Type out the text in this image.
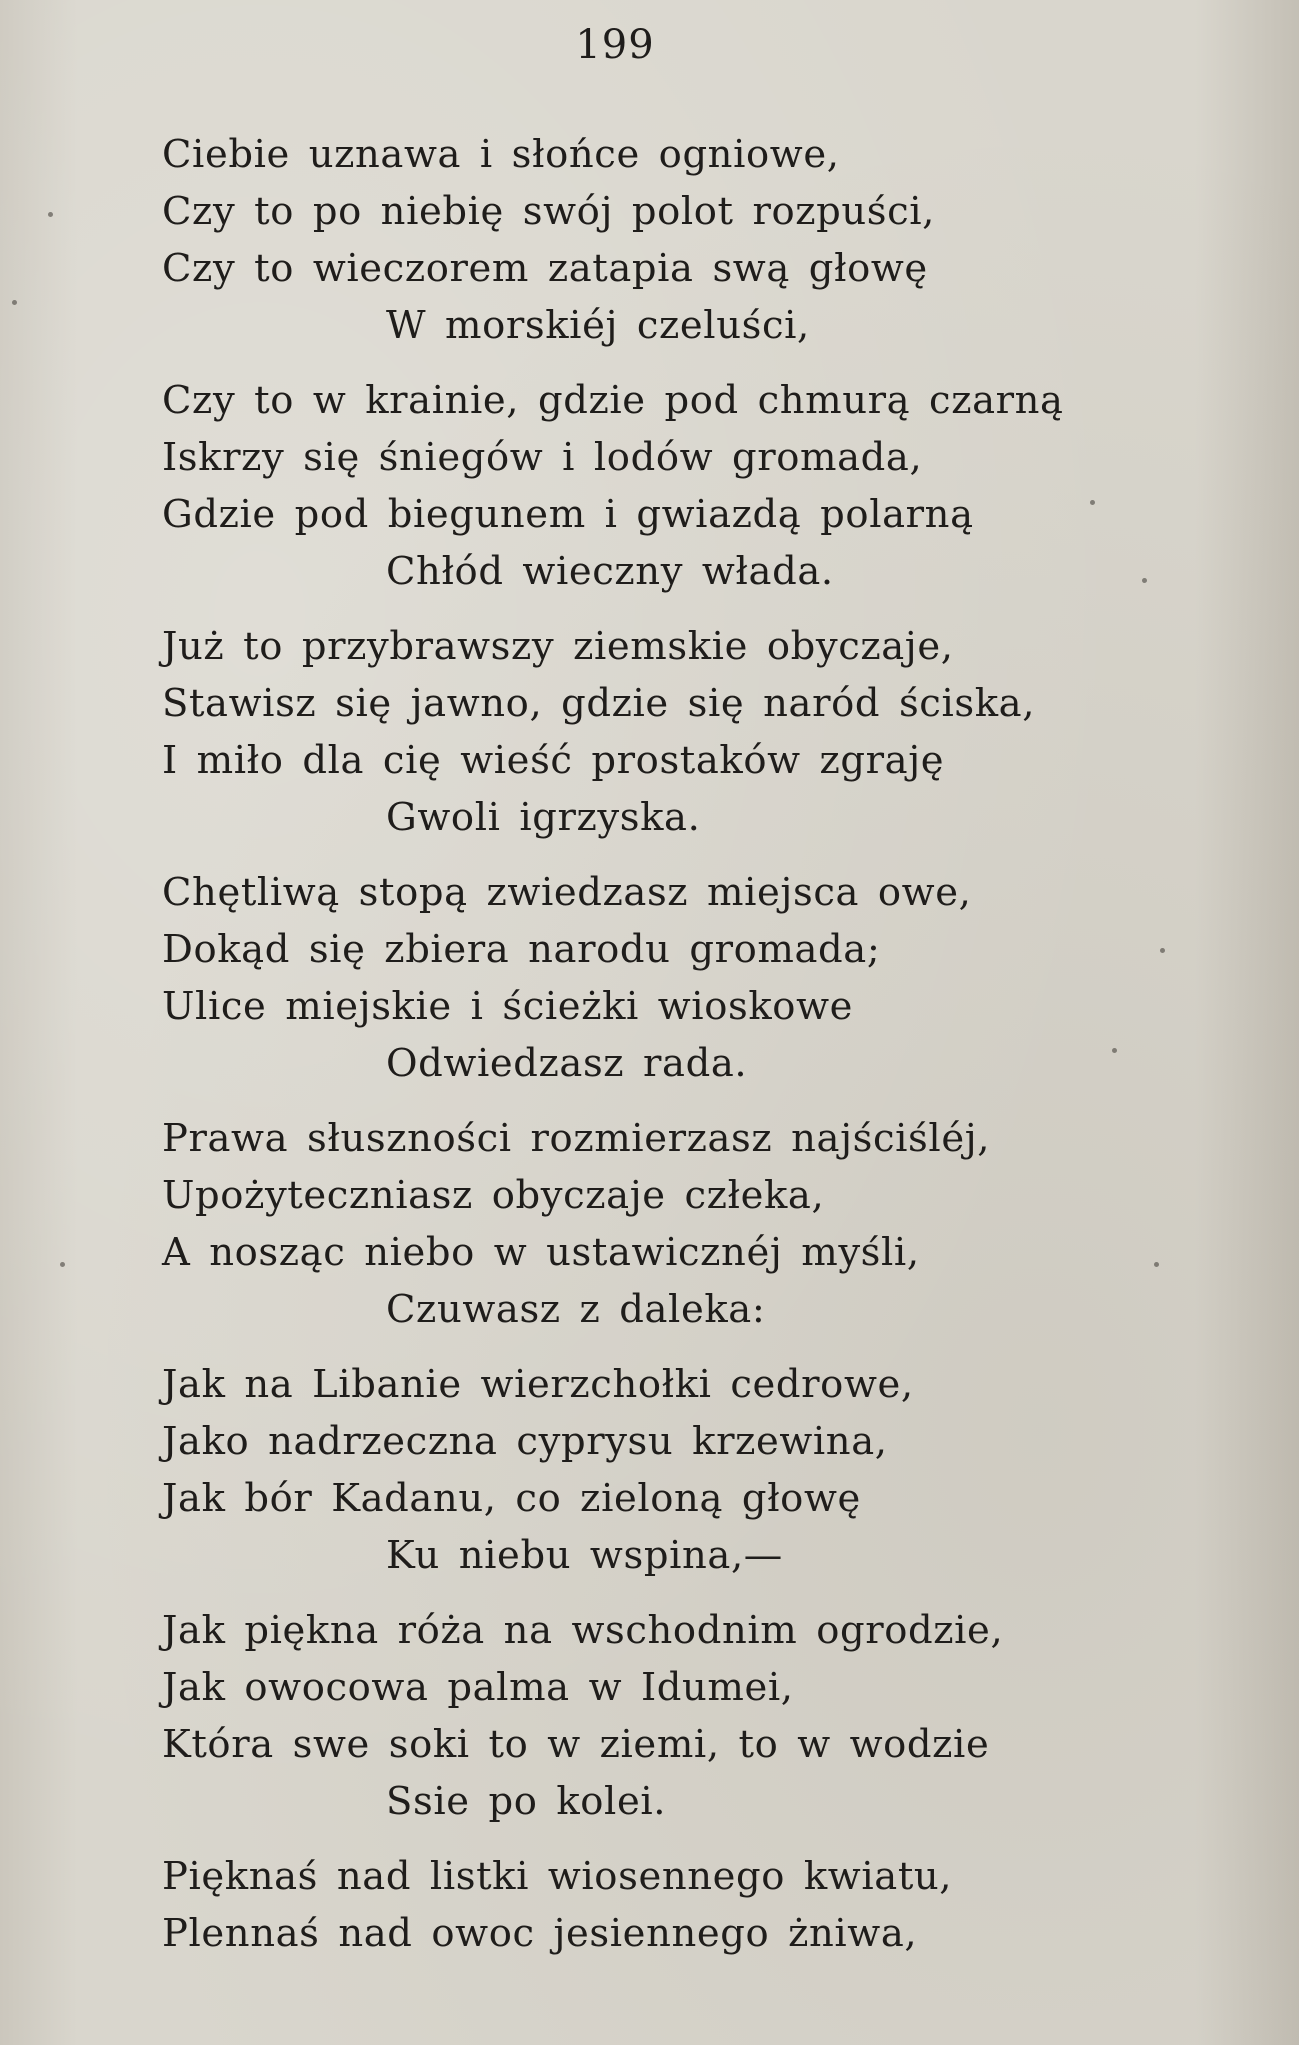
199
Ciebie uznawa i słońce ogniowe,
Czy to po niebię swój polot rozpuści,
Czy to wieczorem zatapia swą głowę
W morskiéj czeluści,
Czy to w krainie, gdzie pod chmurą czarną
Iskrzy się śniegów i lodów gromada,
Gdzie pod biegunem i gwiazdą polarną
Chłód wieczny włada.
Już to przybrawszy ziemskie obyczaje,
Stawisz się jawno, gdzie się naród ściska,
I miło dla cię wieść prostaków zgraję
Gwoli igrzyska.
Chętliwą stopą zwiedzasz miejsca owe,
Dokąd się zbiera narodu gromada;
Ulice miejskie i ścieżki wioskowe
Odwiedzasz rada.
Prawa słuszności rozmierzasz najściśléj,
Upożyteczniasz obyczaje człeka,
A nosząc niebo w ustawicznéj myśli,
Czuwasz z daleka:
Jak na Libanie wierzchołki cedrowe,
Jako nadrzeczna cyprysu krzewina,
Jak bór Kadanu, co zieloną głowę
Ku niebu wspina,—
Jak piękna róża na wschodnim ogrodzie,
Jak owocowa palma w Idumei,
Która swe soki to w ziemi, to w wodzie
Ssie po kolei.
Pięknaś nad listki wiosennego kwiatu,
Plennaś nad owoc jesiennego żniwa,
